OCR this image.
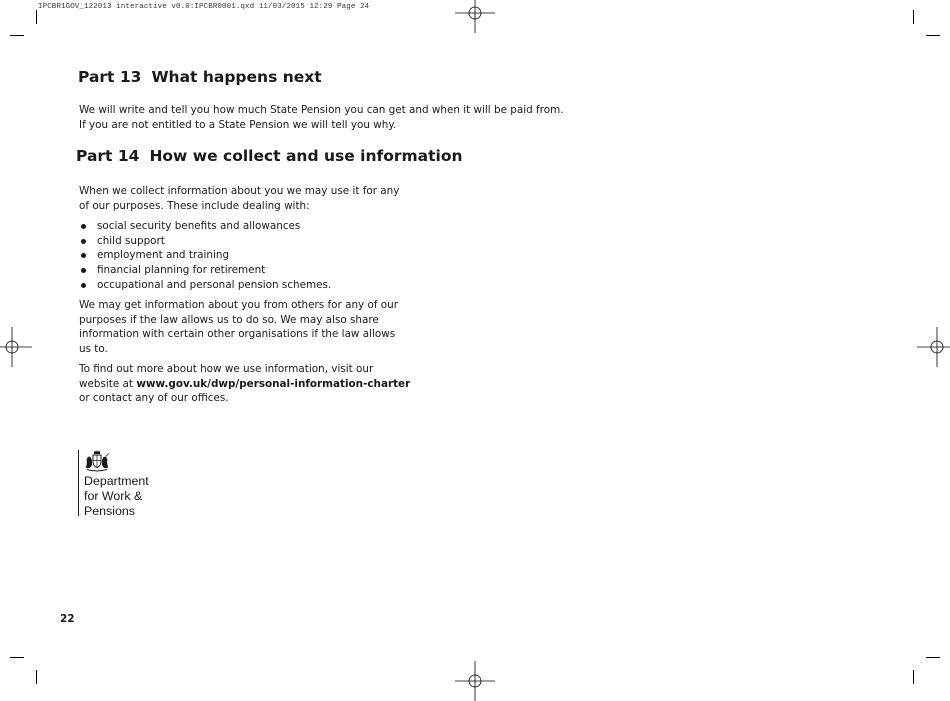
IPCBR1GOV_122013 interactive v0.0:IPCBR0001.qxd 11/03/2015 12:29 Page 24
Part 13 What happens next

We will write and tell you how much State Pension you can get and when it will be paid from.
If you are not entitled to a State Pension we will tell you why.

Part 14 How we collect and use information

When we collect information about you we may use it for any
of our purposes. These include dealing with:

social security benefits and allowances
child support
employment and training
financial planning for retirement
occupational and personal pension schemes.

We may get information about you from others for any of our
purposes if the law allows us to do so. We may also share
information with certain other organisations if the law allows
us to.

To find out more about how we use information, visit our
website at www.gov.uk/dwp/personal-information-charter
or contact any of our offices.

Department
for Work &
Pensions
22
